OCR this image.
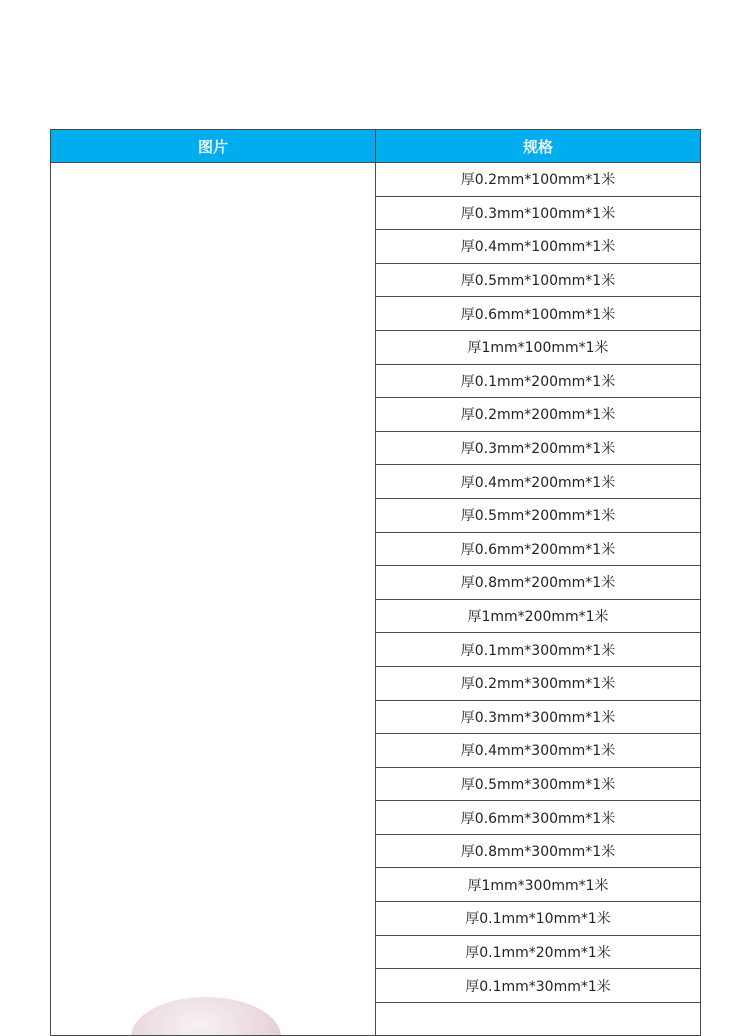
图片	规格

	厚0.2mm*100mm*1米
	厚0.3mm*100mm*1米
	厚0.4mm*100mm*1米
	厚0.5mm*100mm*1米
	厚0.6mm*100mm*1米
	厚1mm*100mm*1米
	厚0.1mm*200mm*1米
	厚0.2mm*200mm*1米
	厚0.3mm*200mm*1米
	厚0.4mm*200mm*1米
	厚0.5mm*200mm*1米
	厚0.6mm*200mm*1米
	厚0.8mm*200mm*1米
	厚1mm*200mm*1米
	厚0.1mm*300mm*1米
	厚0.2mm*300mm*1米
	厚0.3mm*300mm*1米
	厚0.4mm*300mm*1米
	厚0.5mm*300mm*1米
	厚0.6mm*300mm*1米
	厚0.8mm*300mm*1米
	厚1mm*300mm*1米
	厚0.1mm*10mm*1米
	厚0.1mm*20mm*1米
	厚0.1mm*30mm*1米
